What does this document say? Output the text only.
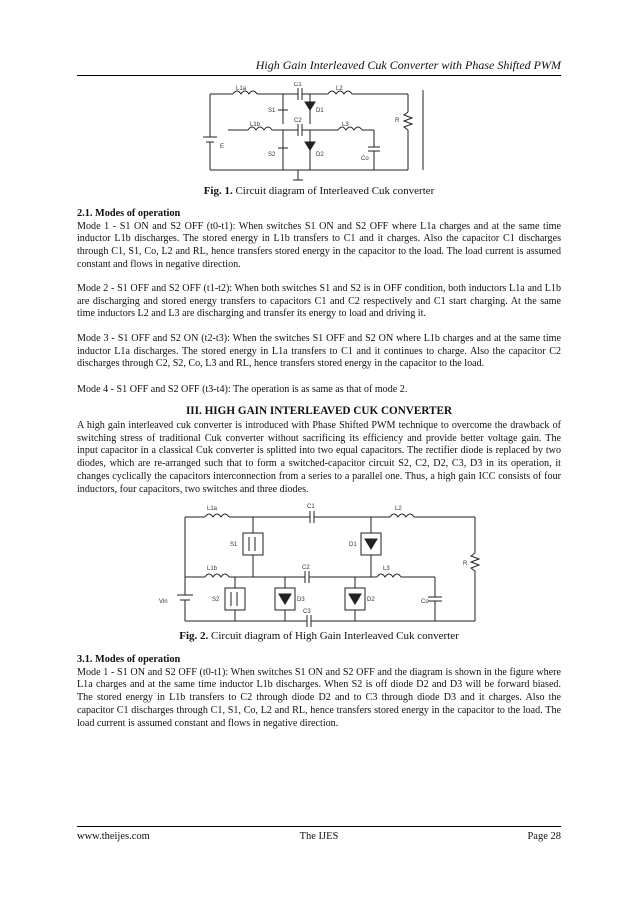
High Gain Interleaved Cuk Converter with Phase Shifted PWM
L1a
C1
L2
S1	D1
R
Co
L1b
C2
L3
S2	D2
E
Fig. 1. Circuit diagram of Interleaved Cuk converter
2.1. Modes of operation
Mode 1 - S1 ON and S2 OFF (t0-t1): When switches S1 ON and S2 OFF where L1a charges and at the same time inductor L1b discharges. The stored energy in L1b transfers to C1 and it charges. Also the capacitor C1 discharges through C1, S1, Co, L2 and RL, hence transfers stored energy in the capacitor to the load. The load current is assumed constant and flows in negative direction.
Mode 2 - S1 OFF and S2 OFF (t1-t2): When both switches S1 and S2 is in OFF condition, both inductors L1a and L1b are discharging and stored energy transfers to capacitors C1 and C2 respectively and C1 start charging. At the same time inductors L2 and L3 are discharging and transfer its energy to load and driving it.
Mode 3 - S1 OFF and S2 ON (t2-t3): When the switches S1 OFF and S2 ON where L1b charges and at the same time inductor L1a discharges. The stored energy in L1a transfers to C1 and it continues to charge. Also the capacitor C2 discharges through C2, S2, Co, L3 and RL, hence transfers stored energy in the capacitor to the load.
Mode 4 - S1 OFF and S2 OFF (t3-t4): The operation is as same as that of mode 2.
III. HIGH GAIN INTERLEAVED CUK CONVERTER
A high gain interleaved cuk converter is introduced with Phase Shifted PWM technique to overcome the drawback of switching stress of traditional Cuk converter without sacrificing its efficiency and provide better voltage gain. The input capacitor in a classical Cuk converter is splitted into two equal capacitors. The rectifier diode is replaced by two diodes, which are re-arranged such that to form a switched-capacitor circuit S2, C2, D2, C3, D3 in its operation, it changes cyclically the capacitors interconnection from a series to a parallel one. Thus, a high gain ICC consists of four inductors, four capacitors, two switches and three diodes.
L1a	C1	L2
S1	D1
L1b	C2	L3
Vin	S2	D3	D2	Co
R
C3
Fig. 2. Circuit diagram of High Gain Interleaved Cuk converter
3.1. Modes of operation
Mode 1 - S1 ON and S2 OFF (t0-t1): When switches S1 ON and S2 OFF and the diagram is shown in the figure where L1a charges and at the same time inductor L1b discharges. When S2 is off diode D2 and D3 will be forward biased. The stored energy in L1b transfers to C2 through diode D2 and to C3 through diode D3 and it charges. Also the capacitor C1 discharges through C1, S1, Co, L2 and RL, hence transfers stored energy in the capacitor to the load. The load current is assumed constant and flows in negative direction.
www.theijes.com	The IJES	Page 28
